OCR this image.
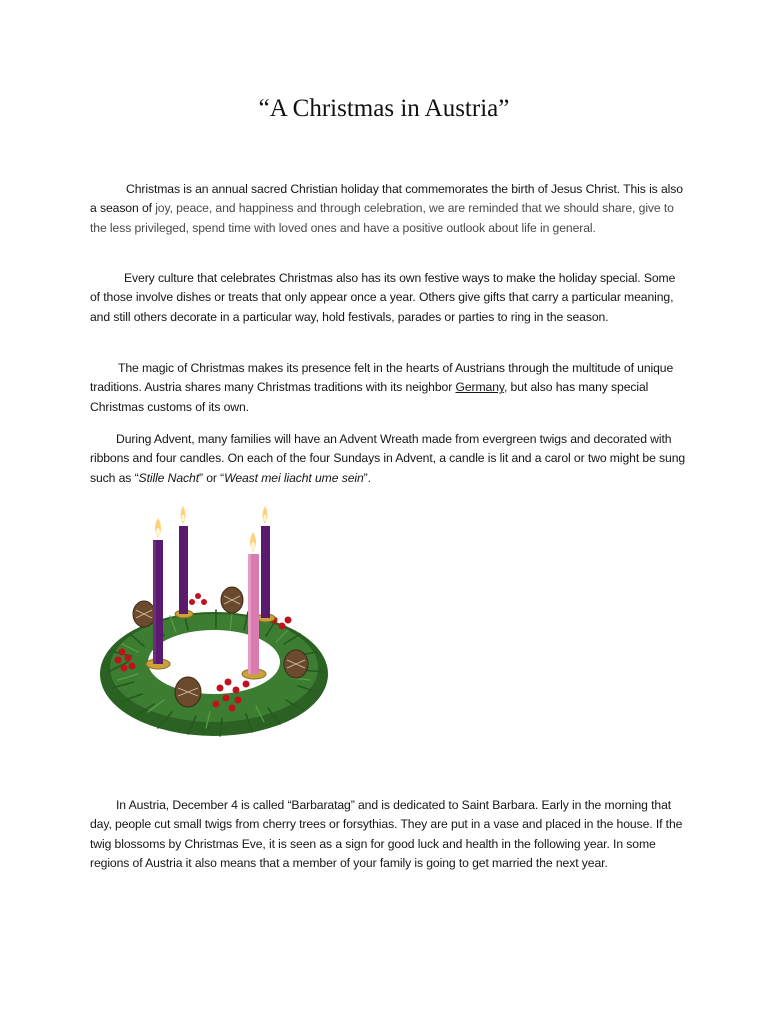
“A Christmas in Austria”

Christmas is an annual sacred Christian holiday that commemorates the birth of Jesus Christ. This is also a season of joy, peace, and happiness and through celebration, we are reminded that we should share, give to the less privileged, spend time with loved ones and have a positive outlook about life in general.

Every culture that celebrates Christmas also has its own festive ways to make the holiday special. Some of those involve dishes or treats that only appear once a year. Others give gifts that carry a particular meaning, and still others decorate in a particular way, hold festivals, parades or parties to ring in the season.

The magic of Christmas makes its presence felt in the hearts of Austrians through the multitude of unique traditions. Austria shares many Christmas traditions with its neighbor Germany, but also has many special Christmas customs of its own.

During Advent, many families will have an Advent Wreath made from evergreen twigs and decorated with ribbons and four candles. On each of the four Sundays in Advent, a candle is lit and a carol or two might be sung such as “Stille Nacht” or “Weast mei liacht ume sein”.

In Austria, December 4 is called “Barbaratag” and is dedicated to Saint Barbara. Early in the morning that day, people cut small twigs from cherry trees or forsythias. They are put in a vase and placed in the house. If the twig blossoms by Christmas Eve, it is seen as a sign for good luck and health in the following year. In some regions of Austria it also means that a member of your family is going to get married the next year.
